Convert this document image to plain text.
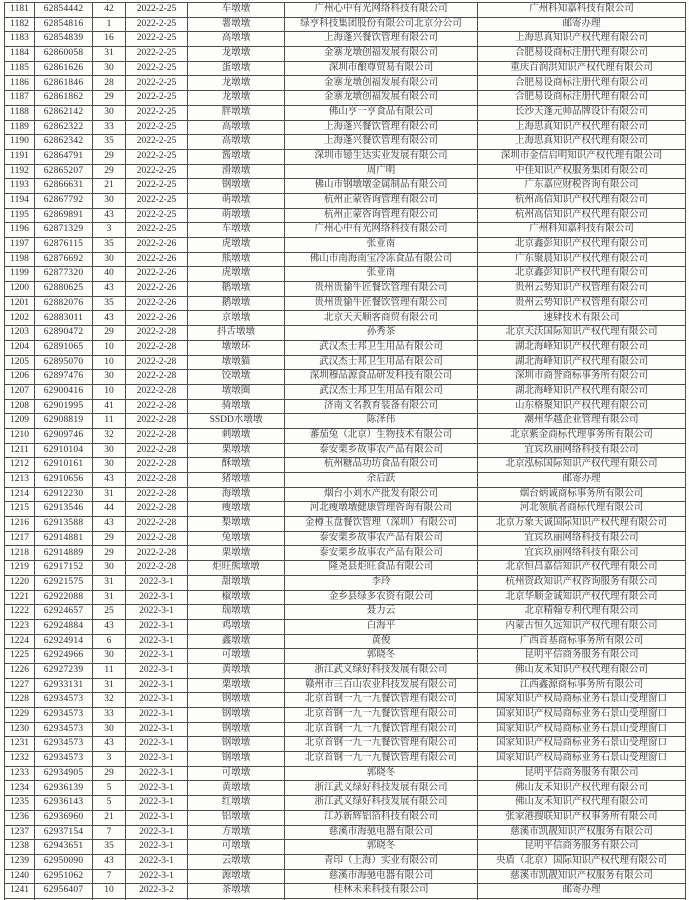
1181	62854442	42	2022-2-25	车墩墩	广州心中有光网络科技有限公司	广州科知嘉科技有限公司
1182	62854816	1	2022-2-25	薯墩墩	绿亨科技集团股份有限公司北京分公司	邮寄办理
1183	62854839	16	2022-2-25	高墩墩	上海蓬兴餐饮管理有限公司	上海思真知识产权代理有限公司
1184	62860058	31	2022-2-25	龙墩墩	金寨龙墩创福发展有限公司	合肥易设商标注册代理有限公司
1185	62861626	30	2022-2-25	蛋墩墩	深圳市酿尊贸易有限公司	重庆百润洪知识产权代理有限公司
1186	62861846	28	2022-2-25	龙墩墩	金寨龙墩创福发展有限公司	合肥易设商标注册代理有限公司
1187	62861862	29	2022-2-25	龙墩墩	金寨龙墩创福发展有限公司	合肥易设商标注册代理有限公司
1188	62862142	30	2022-2-25	胖墩墩	佛山亨一亨食品有限公司	长沙天蓬元帅品牌设计有限公司
1189	62862322	33	2022-2-25	高墩墩	上海蓬兴餐饮管理有限公司	上海思真知识产权代理有限公司
1190	62862342	35	2022-2-25	高墩墩	上海蓬兴餐饮管理有限公司	上海思真知识产权代理有限公司
1191	62864791	29	2022-2-25	酱墩墩	深圳市镱生达实业发展有限公司	深圳市金信启明知识产权代理有限公司
1192	62865207	29	2022-2-25	滑墩墩	周广明	中佳知识产权服务集团有限公司
1193	62866631	21	2022-2-25	钢墩墩	佛山市钢墩墩金属制品有限公司	广东嘉应财税咨询有限公司
1194	62867792	30	2022-2-25	萌墩墩	杭州正蒙咨询管理有限公司	杭州高信知识产权代理有限公司
1195	62869891	43	2022-2-25	萌墩墩	杭州正蒙咨询管理有限公司	杭州高信知识产权代理有限公司
1196	62871329	3	2022-2-25	车墩墩	广州心中有光网络科技有限公司	广州科知嘉科技有限公司
1197	62876115	35	2022-2-26	虎墩墩	张亚南	北京鑫彭知识产权代理有限公司
1198	62876692	30	2022-2-26	熊墩墩	佛山市南海南宝冷冻食品有限公司	广东聚晨知识产权代理有限公司
1199	62877320	40	2022-2-26	虎墩墩	张亚南	北京鑫彭知识产权代理有限公司
1200	62880625	43	2022-2-26	鹅墩墩	贵州贵貐牛匠餐饮管理有限公司	贵州云势知识产权管理有限公司
1201	62882076	35	2022-2-26	鹅墩墩	贵州贵貐牛匠餐饮管理有限公司	贵州云势知识产权管理有限公司
1202	62883011	43	2022-2-26	京墩墩	北京天天顺客商贸有限公司	速肄技术有限公司
1203	62890472	29	2022-2-28	抖舌墩墩	孙秀茶	北京天沃国际知识产权代理有限公司
1204	62891065	10	2022-2-28	墩墩环	武汉杰士邦卫生用品有限公司	湖北海峰知识产权代理有限公司
1205	62895070	10	2022-2-28	墩墩猫	武汉杰士邦卫生用品有限公司	湖北海峰知识产权代理有限公司
1206	62897476	30	2022-2-28	饺墩墩	深圳穆品源食品研发科技有限公司	深圳市商誉商标事务所有限公司
1207	62900416	10	2022-2-28	墩墩圈	武汉杰士邦卫生用品有限公司	湖北海峰知识产权代理有限公司
1208	62901995	41	2022-2-28	骑墩墩	济南文名教育装备有限公司	山东格聚知识产权代理有限公司
1209	62908819	11	2022-2-28	SSDD水墩墩	陈泽伟	潮州华越企业管理有限公司
1210	62909746	32	2022-2-28	刺墩墩	蕃茄兔（北京）生物技术有限公司	北京紫金商标代理事务所有限公司
1211	62910104	30	2022-2-28	栗墩墩	泰安栗乡故事农产品有限公司	宜宾玖丽网络科技有限公司
1212	62910161	30	2022-2-28	酥墩墩	杭州糖品功坊食品有限公司	北京泓标国际知识产权代理有限公司
1213	62910656	43	2022-2-28	猪墩墩	余后跃	邮寄办理
1214	62912230	31	2022-2-28	海墩墩	烟台小刘水产批发有限公司	烟台炳诚商标事务所有限公司
1215	62913546	44	2022-2-28	瘦墩墩	河北瘦墩墩健康管理咨询有限公司	河北领航者商标代理有限公司
1216	62913588	43	2022-2-28	梨墩墩	金樽玉盘餐饮管理（深圳）有限公司	北京万象天诚国际知识产权代理有限公司
1217	62914881	29	2022-2-28	兔墩墩	泰安栗乡故事农产品有限公司	宜宾玖丽网络科技有限公司
1218	62914889	29	2022-2-28	栗墩墩	泰安栗乡故事农产品有限公司	宜宾玖丽网络科技有限公司
1219	62917152	30	2022-2-28	炬旺熊墩墩	隆尧县炬旺食品有限公司	北京恒昌嘉信知识产权代理有限公司
1220	62921575	31	2022-3-1	甜墩墩	李玲	杭州资政知识产权咨询服务有限公司
1221	62922088	31	2022-3-1	椒墩墩	金乡县绿多农资有限公司	北京华顺金诚知识产权代理有限公司
1222	62924657	25	2022-3-1	瑞墩墩	聂力云	北京精翰专利代理有限公司
1223	62924884	43	2022-3-1	鸡墩墩	白海平	内蒙古恒久远知识产权代理有限公司
1224	62924914	6	2022-3-1	鑫墩墩	黄俊	广西首基商标事务所有限公司
1225	62924966	30	2022-3-1	可墩墩	郭晓冬	昆明平信商务服务有限公司
1226	62927239	11	2022-3-1	黄墩墩	浙江武义绿好科技发展有限公司	佛山友禾知识产权代理有限公司
1227	62933131	31	2022-3-1	栗墩墩	赣州市三百山农业科技发展有限公司	江西鑫源商标事务所有限公司
1228	62934573	32	2022-3-1	钢墩墩	北京首钢一九一九餐饮管理有限公司	国家知识产权局商标业务石景山受理窗口
1229	62934573	33	2022-3-1	钢墩墩	北京首钢一九一九餐饮管理有限公司	国家知识产权局商标业务石景山受理窗口
1230	62934573	30	2022-3-1	钢墩墩	北京首钢一九一九餐饮管理有限公司	国家知识产权局商标业务石景山受理窗口
1231	62934573	43	2022-3-1	钢墩墩	北京首钢一九一九餐饮管理有限公司	国家知识产权局商标业务石景山受理窗口
1232	62934573	3	2022-3-1	钢墩墩	北京首钢一九一九餐饮管理有限公司	国家知识产权局商标业务石景山受理窗口
1233	62934905	29	2022-3-1	可墩墩	郭晓冬	昆明平信商务服务有限公司
1234	62936139	5	2022-3-1	黄墩墩	浙江武义绿好科技发展有限公司	佛山友禾知识产权代理有限公司
1235	62936143	5	2022-3-1	红墩墩	浙江武义绿好科技发展有限公司	佛山友禾知识产权代理有限公司
1236	62936960	21	2022-3-1	铝墩墩	江苏新辉铝箔科技有限公司	张家港搜联知识产权事务所有限公司
1237	62937154	7	2022-3-1	方墩墩	慈溪市海驰电器有限公司	慈溪市凯靓知识产权服务有限公司
1238	62943651	35	2022-3-1	可墩墩	郭晓冬	昆明平信商务服务有限公司
1239	62950090	43	2022-3-1	云墩墩	青印（上海）实业有限公司	央盾（北京）国际知识产权代理有限公司
1240	62951062	7	2022-3-1	源墩墩	慈溪市海驰电器有限公司	慈溪市凯靓知识产权服务有限公司
1241	62956407	10	2022-3-2	茶墩墩	桂林未来科技有限公司	邮寄办理
